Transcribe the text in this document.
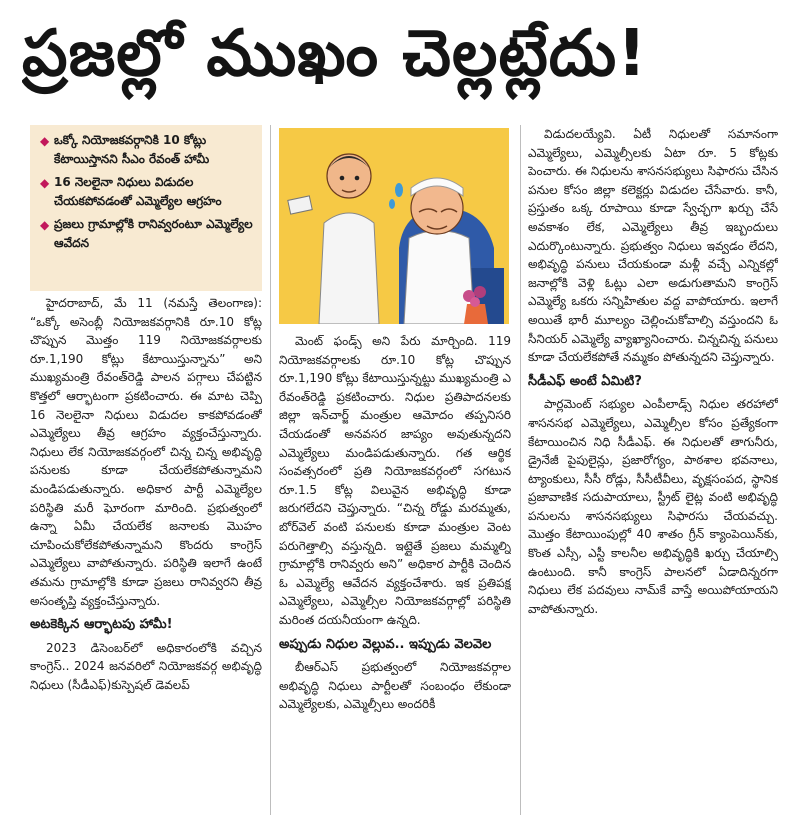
ప్రజల్లో ముఖం చెల్లట్లేదు!
◆ ఒక్కో నియోజకవర్గానికి 10 కోట్లు కేటాయిస్తానని సీఎం రేవంత్ హామీ
◆ 16 నెలలైనా నిధులు విడుదల చేయకపోవడంతో ఎమ్మెల్యేల ఆగ్రహం
◆ ప్రజలు గ్రామాల్లోకి రానివ్వరంటూ ఎమ్మెల్యేల ఆవేదన

హైదరాబాద్, మే 11 (నమస్తే తెలంగాణ): “ఒక్కో అసెంబ్లీ నియోజకవర్గానికి రూ.10 కోట్ల చొప్పున మొత్తం 119 నియోజకవర్గాలకు రూ.1,190 కోట్లు కేటాయిస్తున్నాను” అని ముఖ్యమంత్రి రేవంత్‌రెడ్డి పాలన పగ్గాలు చేపట్టిన కొత్తలో ఆర్భాటంగా ప్రకటించారు. ఈ మాట చెప్పి 16 నెలలైనా నిధులు విడుదల కాకపోవడంతో ఎమ్మెల్యేలు తీవ్ర ఆగ్రహం వ్యక్తంచేస్తున్నారు. నిధులు లేక నియోజకవర్గంలో చిన్న చిన్న అభివృద్ధి పనులకు కూడా చేయలేకపోతున్నామని మండిపడుతున్నారు. అధికార పార్టీ ఎమ్మెల్యేల పరిస్థితి మరీ ఘోరంగా మారింది. ప్రభుత్వంలో ఉన్నా ఏమీ చేయలేక జనాలకు మొహం చూపించుకోలేకపోతున్నామని కొందరు కాంగ్రెస్ ఎమ్మెల్యేలు వాపోతున్నారు. పరిస్థితి ఇలాగే ఉంటే తమను గ్రామాల్లోకి కూడా ప్రజలు రానివ్వరని తీవ్ర అసంతృప్తి వ్యక్తంచేస్తున్నారు.

అటకెక్కిన ఆర్భాటపు హామీ!

2023 డిసెంబర్‌లో అధికారంలోకి వచ్చిన కాంగ్రెస్.. 2024 జనవరిలో నియోజకవర్గ అభివృద్ధి నిధులు (సీడీఎఫ్)కుస్పెషల్ డెవలప్

మెంట్ ఫండ్స్ అని పేరు మార్చింది. 119 నియోజకవర్గాలకు రూ.10 కోట్ల చొప్పున రూ.1,190 కోట్లు కేటాయిస్తున్నట్టు ముఖ్యమంత్రి ఎ రేవంత్‌రెడ్డి ప్రకటించారు. నిధుల ప్రతిపాదనలకు జిల్లా ఇన్‌చార్జ్ మంత్రుల ఆమోదం తప్పనిసరి చేయడంతో అనవసర జాప్యం అవుతున్నదని ఎమ్మెల్యేలు మండిపడుతున్నారు. గత ఆర్థిక సంవత్సరంలో ప్రతి నియోజకవర్గంలో సగటున రూ.1.5 కోట్ల విలువైన అభివృద్ధి కూడా జరుగలేదని చెప్తున్నారు. “చిన్న రోడ్డు మరమ్మతు, బోర్‌వెల్ వంటి పనులకు కూడా మంత్రుల వెంట పరుగెత్తాల్సి వస్తున్నది. ఇట్లైతే ప్రజలు మమ్మల్ని గ్రామాల్లోకి రానివ్వరు అని” అధికార పార్టీకి చెందిన ఓ ఎమ్మెల్యే ఆవేదన వ్యక్తంచేశారు. ఇక ప్రతిపక్ష ఎమ్మెల్యేలు, ఎమ్మెల్సీల నియోజకవర్గాల్లో పరిస్థితి మరింత దయనీయంగా ఉన్నది.

అప్పుడు నిధుల వెల్లువ.. ఇప్పుడు వెలవెల

బీఆర్ఎస్ ప్రభుత్వంలో నియోజకవర్గాల అభివృద్ధి నిధులు పార్టీలతో సంబంధం లేకుండా ఎమ్మెల్యేలకు, ఎమ్మెల్సీలు అందరికీ

విడుదలయ్యేవి. ఏటీ నిధులతో సమానంగా ఎమ్మెల్యేలు, ఎమ్మెల్సీలకు ఏటా రూ. 5 కోట్లకు పెంచారు. ఈ నిధులను శాసనసభ్యులు సిఫారసు చేసిన పనుల కోసం జిల్లా కలెక్టర్లు విడుదల చేసేవారు. కానీ, ప్రస్తుతం ఒక్క రూపాయి కూడా స్వేచ్ఛగా ఖర్చు చేసే అవకాశం లేక, ఎమ్మెల్యేలు తీవ్ర ఇబ్బందులు ఎదుర్కొంటున్నారు. ప్రభుత్వం నిధులు ఇవ్వడం లేదని, అభివృద్ధి పనులు చేయకుండా మళ్లీ వచ్చే ఎన్నికల్లో జనాల్లోకి వెళ్లి ఓట్లు ఎలా అడుగుతామని కాంగ్రెస్ ఎమ్మెల్యే ఒకరు సన్నిహితుల వద్ద వాపోయారు. ఇలాగే అయితే భారీ మూల్యం చెల్లించుకోవాల్సి వస్తుందని ఓ సీనియర్ ఎమ్మెల్యే వ్యాఖ్యానించారు. చిన్నచిన్న పనులు కూడా చేయలేకపోతే నమ్మకం పోతున్నదని చెప్తున్నారు.

సీడీఎఫ్ అంటే ఏమిటి?

పార్లమెంట్ సభ్యుల ఎంపీలాడ్స్ నిధుల తరహాలో శాసనసభ ఎమ్మెల్యేలు, ఎమ్మెల్సీల కోసం ప్రత్యేకంగా కేటాయించిన నిధి సీడీఎఫ్. ఈ నిధులతో తాగునీరు, డ్రైనేజీ పైపులైన్లు, ప్రజారోగ్యం, పాఠశాల భవనాలు, ట్యాంకులు, సీసీ రోడ్లు, సీసీటీవీలు, వృక్షసంపద, స్థానిక ప్రజావాణిక సదుపాయాలు, స్ట్రీట్ లైట్ల వంటి అభివృద్ధి పనులను శాసనసభ్యులు సిఫారసు చేయవచ్చు. మొత్తం కేటాయింపుల్లో 40 శాతం గ్రీన్ క్యాంపెయిన్‌కు, కొంత ఎస్సీ, ఎస్టీ కాలనీల అభివృద్ధికి ఖర్చు చేయాల్సి ఉంటుంది. కానీ కాంగ్రెస్ పాలనలో ఏడాదిన్నరగా నిధులు లేక పదవులు నామ్‌కే వాస్తే అయిపోయాయని వాపోతున్నారు.
